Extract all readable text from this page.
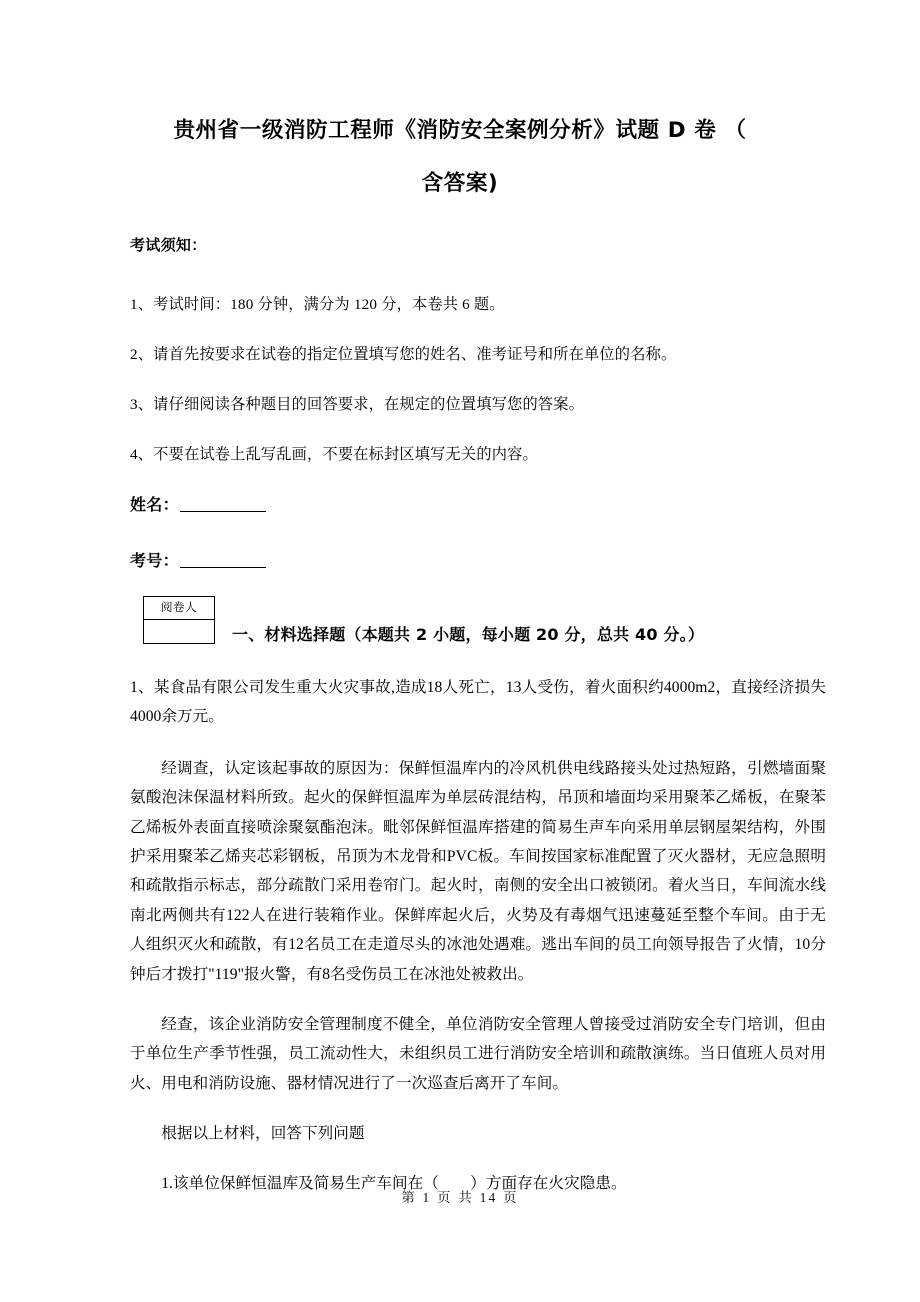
贵州省一级消防工程师《消防安全案例分析》试题 D 卷 （
含答案)
考试须知：
1、考试时间：180 分钟，满分为 120 分，本卷共 6 题。
2、请首先按要求在试卷的指定位置填写您的姓名、准考证号和所在单位的名称。
3、请仔细阅读各种题目的回答要求，在规定的位置填写您的答案。
4、不要在试卷上乱写乱画，不要在标封区填写无关的内容。
姓名：
考号：
阅卷人
一、材料选择题（本题共 2 小题，每小题 20 分，总共 40 分。）

1、某食品有限公司发生重大火灾事故,造成18人死亡，13人受伤，着火面积约4000m2，直接经济损失4000余万元。

经调查，认定该起事故的原因为：保鲜恒温库内的冷风机供电线路接头处过热短路，引燃墙面聚氨酸泡沫保温材料所致。起火的保鲜恒温库为单层砖混结构，吊顶和墙面均采用聚苯乙烯板，在聚苯乙烯板外表面直接喷涂聚氨酯泡沫。毗邻保鲜恒温库搭建的简易生声车向采用单层钢屋架结构，外围护采用聚苯乙烯夹芯彩钢板，吊顶为木龙骨和PVC板。车间按国家标准配置了灭火器材，无应急照明和疏散指示标志，部分疏散门采用卷帘门。起火时，南侧的安全出口被锁闭。着火当日，车间流水线南北两侧共有122人在进行装箱作业。保鲜库起火后，火势及有毒烟气迅速蔓延至整个车间。由于无人组织灭火和疏散，有12名员工在走道尽头的冰池处遇难。逃出车间的员工向领导报告了火情，10分钟后才拨打"119"报火警，有8名受伤员工在冰池处被救出。

经查，该企业消防安全管理制度不健全，单位消防安全管理人曾接受过消防安全专门培训，但由于单位生产季节性强，员工流动性大，未组织员工进行消防安全培训和疏散演练。当日值班人员对用火、用电和消防设施、器材情况进行了一次巡查后离开了车间。

根据以上材料，回答下列问题

1.该单位保鲜恒温库及简易生产车间在（　　）方面存在火灾隐患。

第 1 页 共 14 页
